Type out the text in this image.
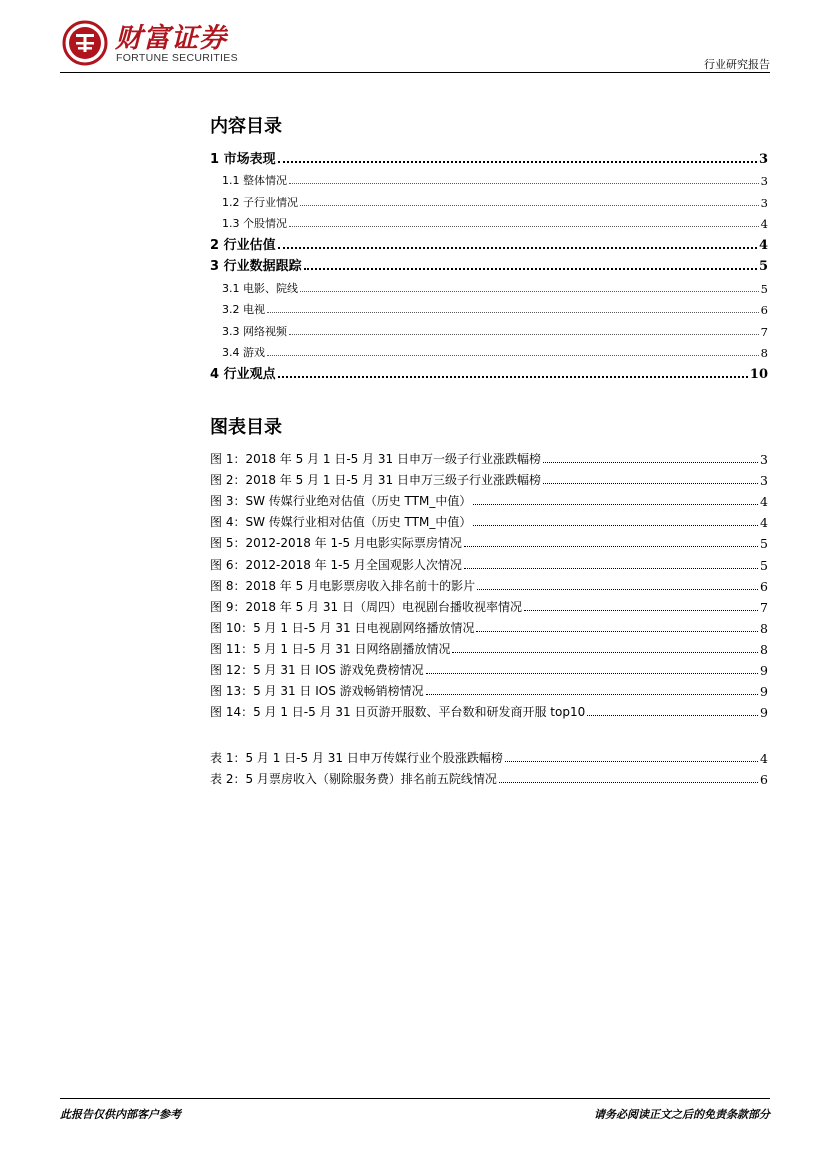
财富证券
FORTUNE SECURITIES	行业研究报告
内容目录
1 市场表现	3
1.1 整体情况	3
1.2 子行业情况	3
1.3 个股情况	4
2 行业估值	4
3 行业数据跟踪	5
3.1 电影、院线	5
3.2 电视	6
3.3 网络视频	7
3.4 游戏	8
4 行业观点	10
图表目录
图 1：2018 年 5 月 1 日-5 月 31 日申万一级子行业涨跌幅榜	3
图 2：2018 年 5 月 1 日-5 月 31 日申万三级子行业涨跌幅榜	3
图 3：SW 传媒行业绝对估值（历史 TTM_中值）	4
图 4：SW 传媒行业相对估值（历史 TTM_中值）	4
图 5：2012-2018 年 1-5 月电影实际票房情况	5
图 6：2012-2018 年 1-5 月全国观影人次情况	5
图 8：2018 年 5 月电影票房收入排名前十的影片	6
图 9：2018 年 5 月 31 日（周四）电视剧台播收视率情况	7
图 10：5 月 1 日-5 月 31 日电视剧网络播放情况	8
图 11：5 月 1 日-5 月 31 日网络剧播放情况	8
图 12：5 月 31 日 IOS 游戏免费榜情况	9
图 13：5 月 31 日 IOS 游戏畅销榜情况	9
图 14：5 月 1 日-5 月 31 日页游开服数、平台数和研发商开服 top10	9
表 1：5 月 1 日-5 月 31 日申万传媒行业个股涨跌幅榜	4
表 2：5 月票房收入（剔除服务费）排名前五院线情况	6
此报告仅供内部客户参考	请务必阅读正文之后的免责条款部分
